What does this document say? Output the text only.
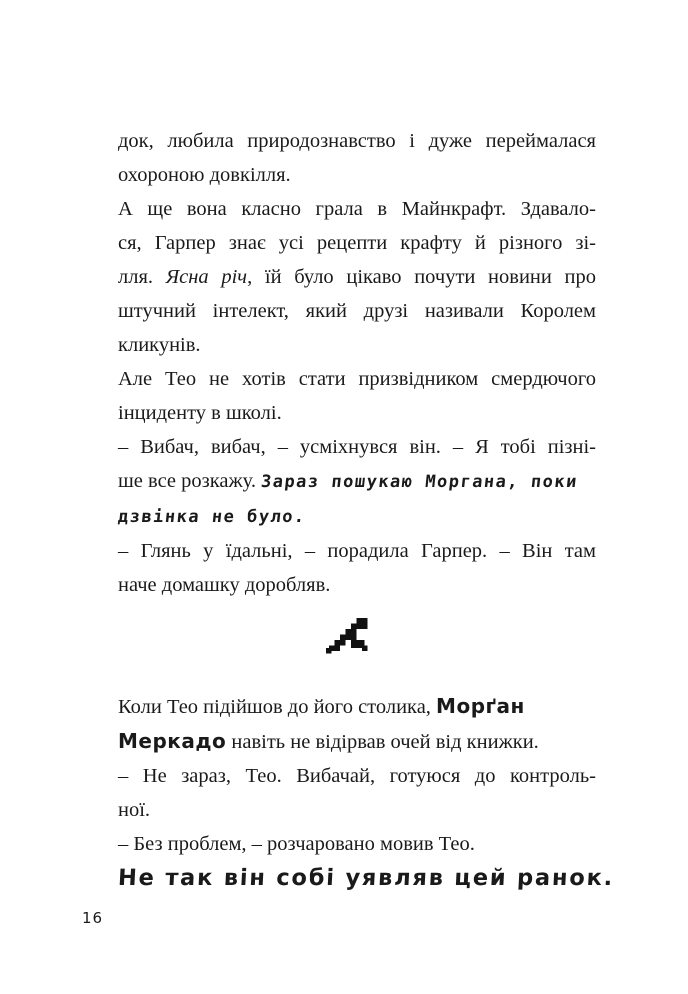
док, любила природознавство і дуже переймалася
охороною довкілля.
А ще вона класно грала в Майнкрафт. Здавало-
ся, Гарпер знає усі рецепти крафту й різного зі-
лля. Ясна річ, їй було цікаво почути новини про
штучний інтелект, який друзі називали Королем
кликунів.
Але Тео не хотів стати призвідником смердючого
інциденту в школі.
– Вибач, вибач, – усміхнувся він. – Я тобі пізні-
ше все розкажу. Зараз пошукаю Моргана, поки
дзвінка не було.
– Глянь у їдальні, – порадила Гарпер. – Він там
наче домашку доробляв.
Коли Тео підійшов до його столика, Морґан
Меркадо навіть не відірвав очей від книжки.
– Не зараз, Тео. Вибачай, готуюся до контроль-
ної.
– Без проблем, – розчаровано мовив Тео.
Не так він собі уявляв цей ранок.
16
